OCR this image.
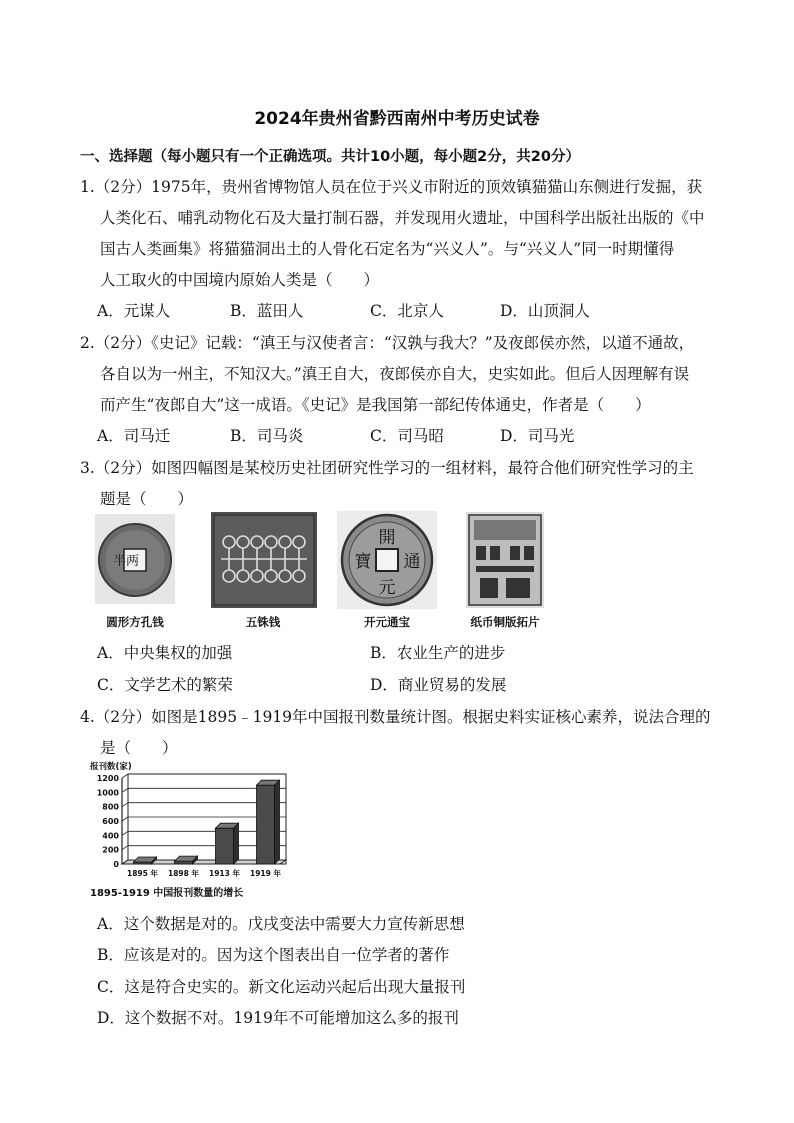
2024年贵州省黔西南州中考历史试卷
一、选择题（每小题只有一个正确选项。共计10小题，每小题2分，共20分）
1.（2分）1975年，贵州省博物馆人员在位于兴义市附近的顶效镇猫猫山东侧进行发掘，获
人类化石、哺乳动物化石及大量打制石器，并发现用火遗址，中国科学出版社出版的《中
国古人类画集》将猫猫洞出土的人骨化石定名为“兴义人”。与“兴义人”同一时期懂得
人工取火的中国境内原始人类是（　　）
A．元谋人	B．蓝田人	C．北京人	D．山顶洞人
2.（2分）《史记》记载：“滇王与汉使者言：“汉孰与我大？”及夜郎侯亦然，以道不通故，
各自以为一州主，不知汉大。”滇王自大，夜郎侯亦自大，史实如此。但后人因理解有误
而产生“夜郎自大”这一成语。《史记》是我国第一部纪传体通史，作者是（　　）
A．司马迁	B．司马炎	C．司马昭	D．司马光
3.（2分）如图四幅图是某校历史社团研究性学习的一组材料，最符合他们研究性学习的主
题是（　　）
半两
圆形方孔钱	五铢钱
開
元
寶 通
开元通宝	纸币铜版拓片
A．中央集权的加强	B．农业生产的进步
C．文学艺术的繁荣	D．商业贸易的发展
4.（2分）如图是1895﹣1919年中国报刊数量统计图。根据史料实证核心素养，说法合理的
是（　　）
报刊数(家)
0
200
400
600
800
1000
1200
1895 年 1898 年 1913 年 1919 年
1895-1919 中国报刊数量的增长
A．这个数据是对的。戊戌变法中需要大力宣传新思想
B．应该是对的。因为这个图表出自一位学者的著作
C．这是符合史实的。新文化运动兴起后出现大量报刊
D．这个数据不对。1919年不可能增加这么多的报刊
